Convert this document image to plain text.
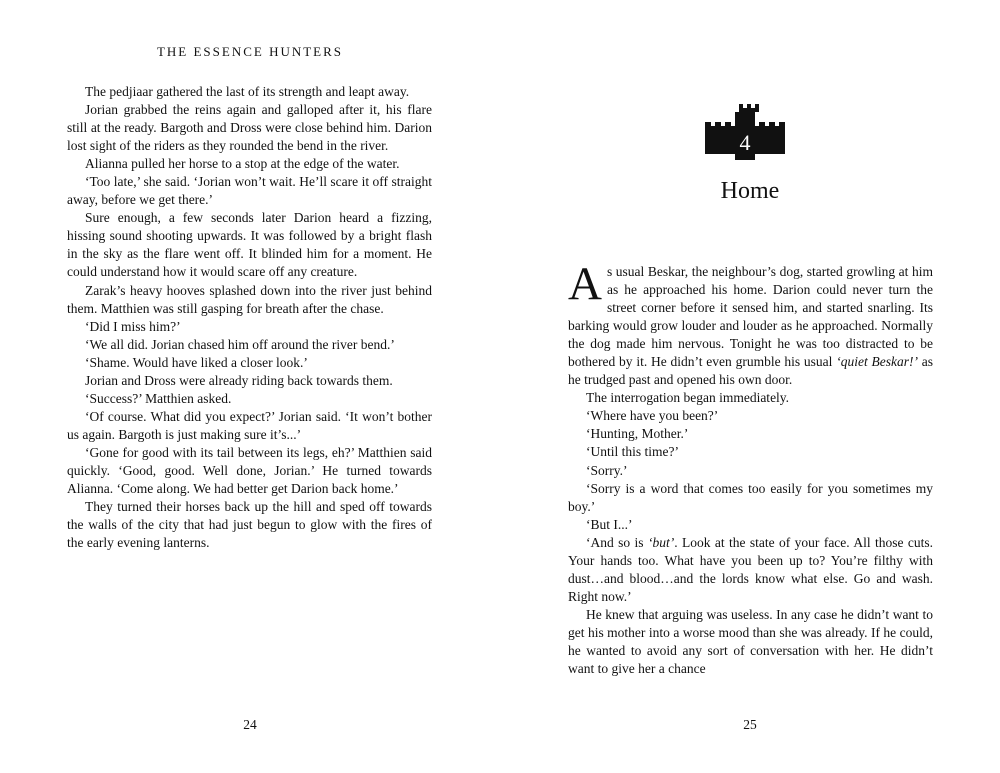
THE ESSENCE HUNTERS

The pedjiaar gathered the last of its strength and leapt away.

Jorian grabbed the reins again and galloped after it, his flare still at the ready. Bargoth and Dross were close behind him. Darion lost sight of the riders as they rounded the bend in the river.

Alianna pulled her horse to a stop at the edge of the water.

‘Too late,’ she said. ‘Jorian won’t wait. He’ll scare it off straight away, before we get there.’

Sure enough, a few seconds later Darion heard a fizzing, hissing sound shooting upwards. It was followed by a bright flash in the sky as the flare went off. It blinded him for a moment. He could understand how it would scare off any creature.

Zarak’s heavy hooves splashed down into the river just behind them. Matthien was still gasping for breath after the chase.

‘Did I miss him?’

‘We all did. Jorian chased him off around the river bend.’

‘Shame. Would have liked a closer look.’

Jorian and Dross were already riding back towards them.

‘Success?’ Matthien asked.

‘Of course. What did you expect?’ Jorian said. ‘It won’t bother us again. Bargoth is just making sure it’s...’

‘Gone for good with its tail between its legs, eh?’ Matthien said quickly. ‘Good, good. Well done, Jorian.’ He turned towards Alianna. ‘Come along. We had better get Darion back home.’

They turned their horses back up the hill and sped off towards the walls of the city that had just begun to glow with the fires of the early evening lanterns.

24
4
Home

As usual Beskar, the neighbour’s dog, started growling at him as he approached his home. Darion could never turn the street corner before it sensed him, and started snarling. Its barking would grow louder and louder as he approached. Normally the dog made him nervous. Tonight he was too distracted to be bothered by it. He didn’t even grumble his usual ‘quiet Beskar!’ as he trudged past and opened his own door.

The interrogation began immediately.

‘Where have you been?’

‘Hunting, Mother.’

‘Until this time?’

‘Sorry.’

‘Sorry is a word that comes too easily for you sometimes my boy.’

‘But I...’

‘And so is ‘but’. Look at the state of your face. All those cuts. Your hands too. What have you been up to? You’re filthy with dust…and blood…and the lords know what else. Go and wash. Right now.’

He knew that arguing was useless. In any case he didn’t want to get his mother into a worse mood than she was already. If he could, he wanted to avoid any sort of conversation with her. He didn’t want to give her a chance

25
